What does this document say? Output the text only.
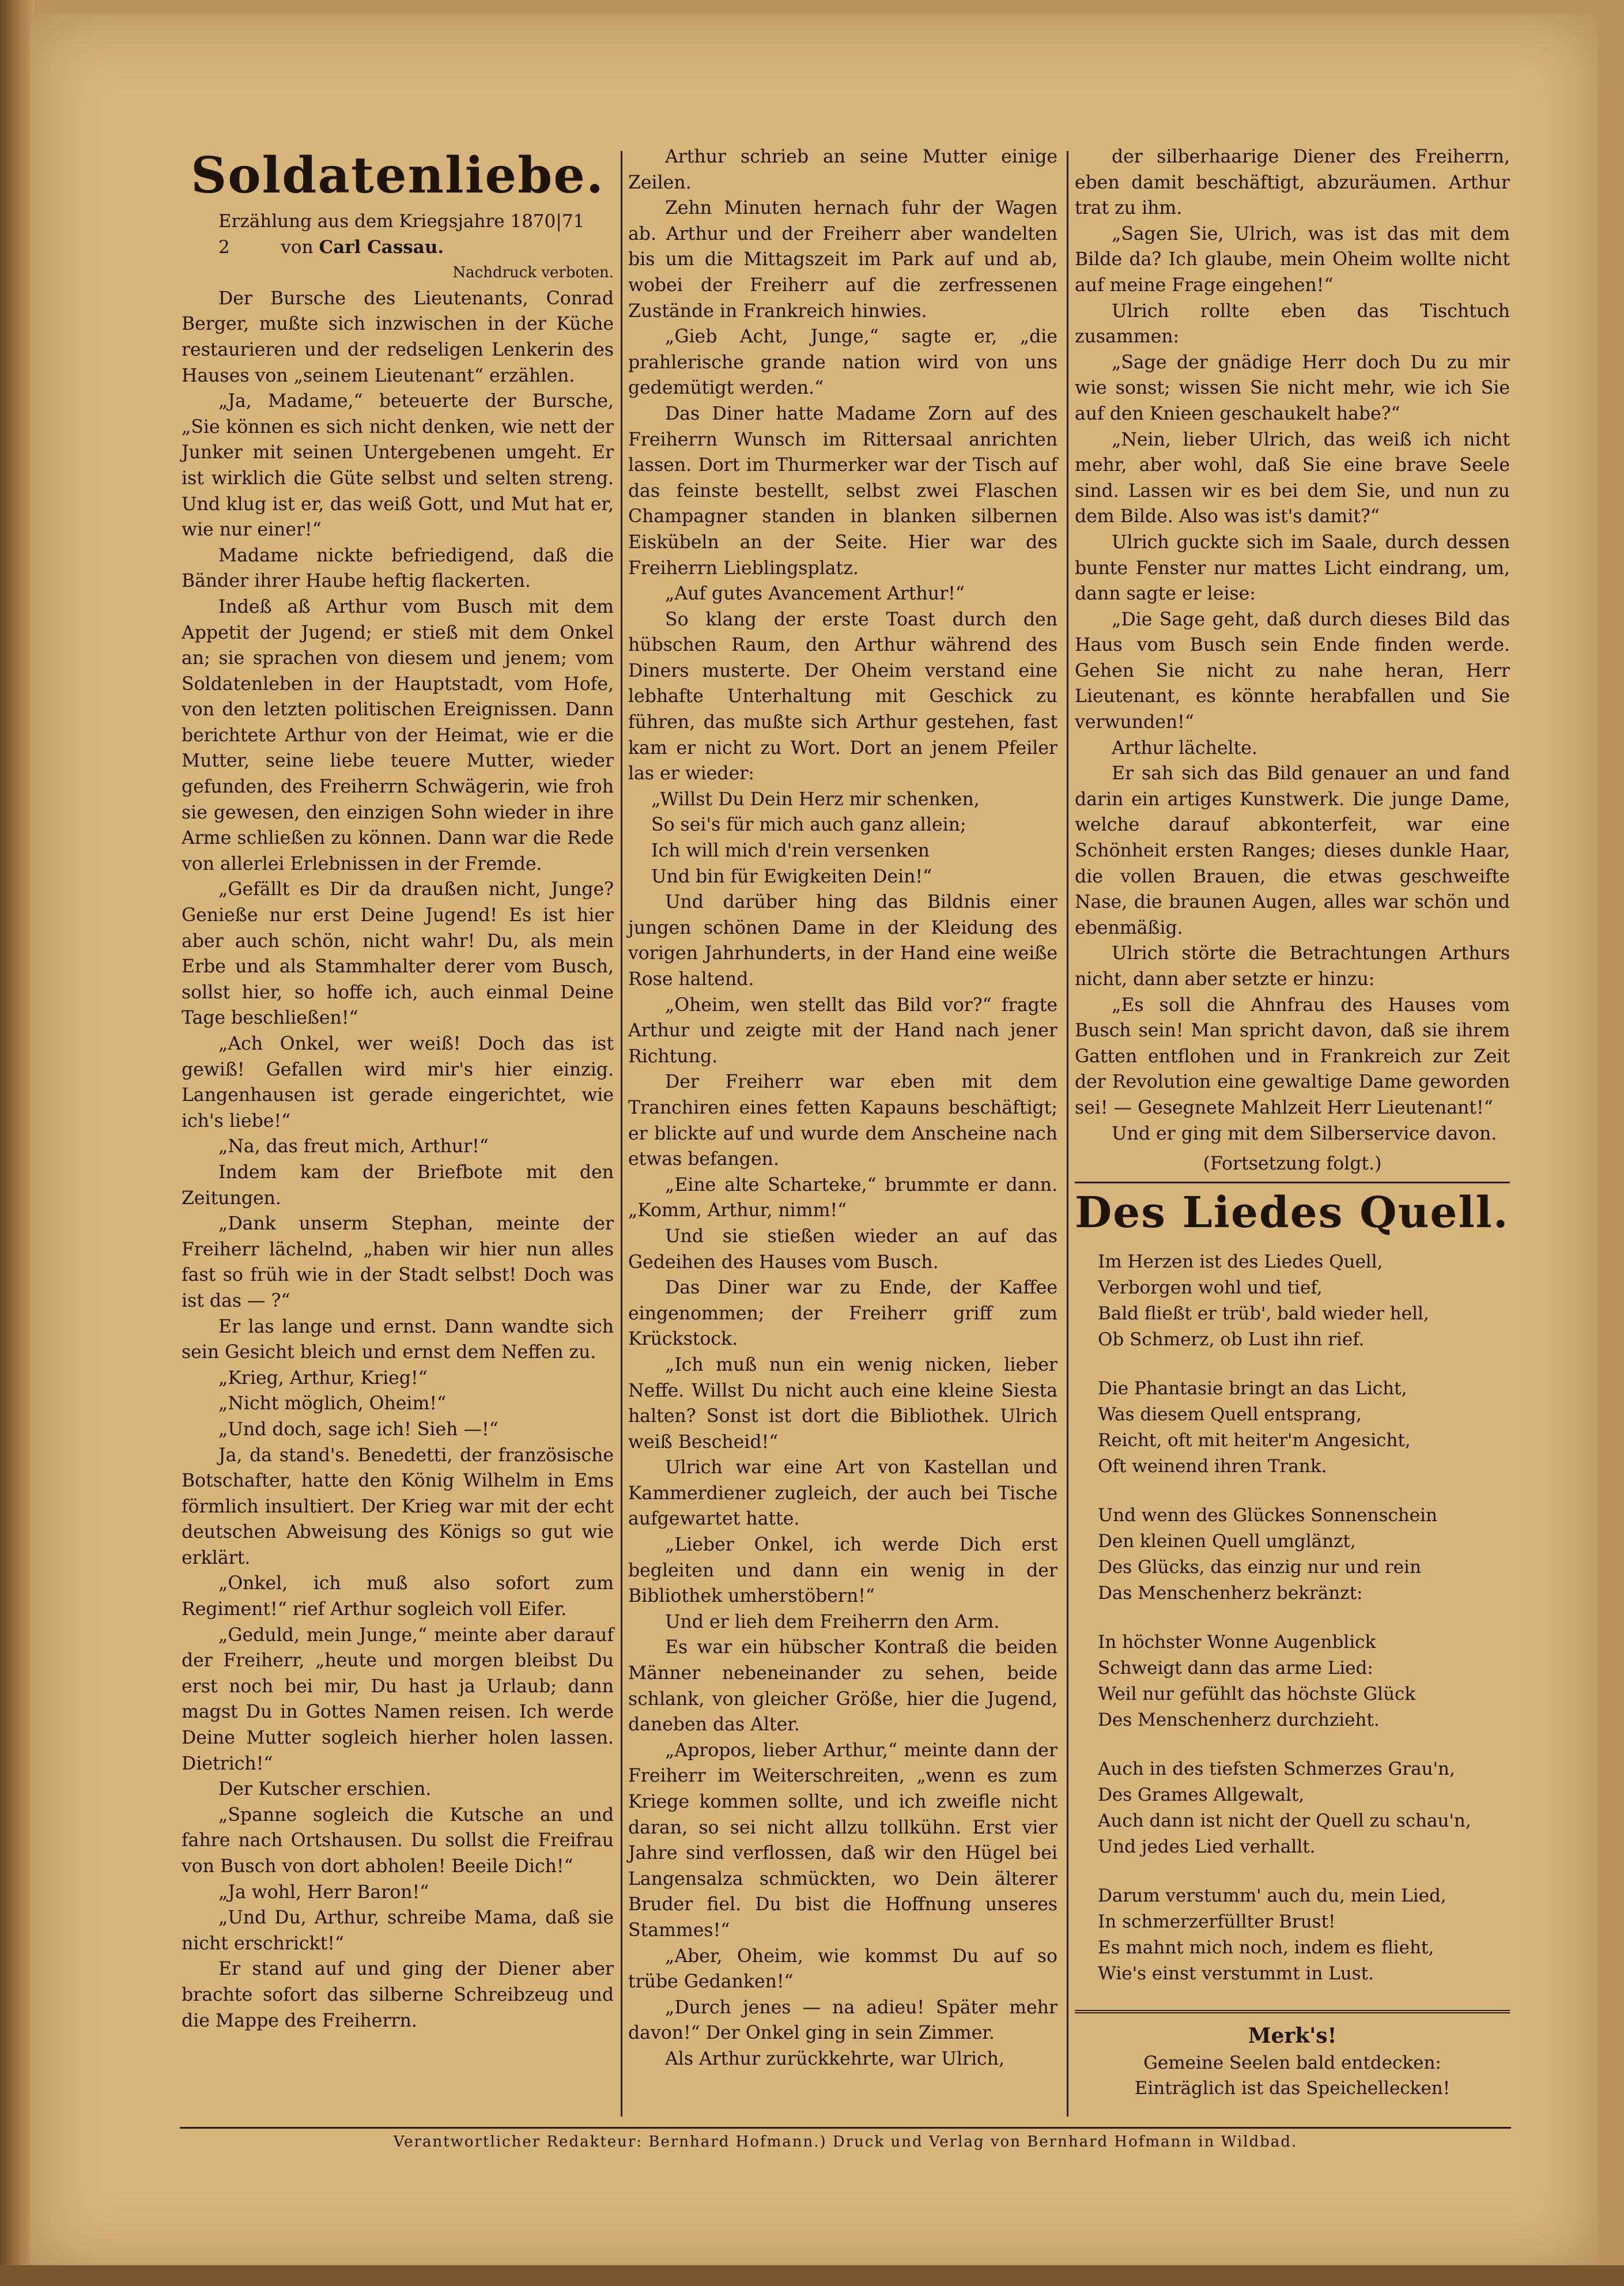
Soldatenliebe.

Erzählung aus dem Kriegsjahre 1870|71

2	von Carl Cassau.

Nachdruck verboten.

Der Bursche des Lieutenants, Conrad Berger, mußte sich inzwischen in der Küche restaurieren und der redseligen Lenkerin des Hauses von „seinem Lieutenant“ erzählen.

„Ja, Madame,“ beteuerte der Bursche, „Sie können es sich nicht denken, wie nett der Junker mit seinen Untergebenen umgeht. Er ist wirklich die Güte selbst und selten streng. Und klug ist er, das weiß Gott, und Mut hat er, wie nur einer!“

Madame nickte befriedigend, daß die Bänder ihrer Haube heftig flackerten.

Indeß aß Arthur vom Busch mit dem Appetit der Jugend; er stieß mit dem Onkel an; sie sprachen von diesem und jenem; vom Soldatenleben in der Hauptstadt, vom Hofe, von den letzten politischen Ereignissen. Dann berichtete Arthur von der Heimat, wie er die Mutter, seine liebe teuere Mutter, wieder gefunden, des Freiherrn Schwägerin, wie froh sie gewesen, den einzigen Sohn wieder in ihre Arme schließen zu können. Dann war die Rede von allerlei Erlebnissen in der Fremde.

„Gefällt es Dir da draußen nicht, Junge? Genieße nur erst Deine Jugend! Es ist hier aber auch schön, nicht wahr! Du, als mein Erbe und als Stammhalter derer vom Busch, sollst hier, so hoffe ich, auch einmal Deine Tage beschließen!“

„Ach Onkel, wer weiß! Doch das ist gewiß! Gefallen wird mir's hier einzig. Langenhausen ist gerade eingerichtet, wie ich's liebe!“

„Na, das freut mich, Arthur!“

Indem kam der Briefbote mit den Zeitungen.

„Dank unserm Stephan, meinte der Freiherr lächelnd, „haben wir hier nun alles fast so früh wie in der Stadt selbst! Doch was ist das — ?“

Er las lange und ernst. Dann wandte sich sein Gesicht bleich und ernst dem Neffen zu.

„Krieg, Arthur, Krieg!“

„Nicht möglich, Oheim!“

„Und doch, sage ich! Sieh —!“

Ja, da stand's. Benedetti, der französische Botschafter, hatte den König Wilhelm in Ems förmlich insultiert. Der Krieg war mit der echt deutschen Abweisung des Königs so gut wie erklärt.

„Onkel, ich muß also sofort zum Regiment!“ rief Arthur sogleich voll Eifer.

„Geduld, mein Junge,“ meinte aber darauf der Freiherr, „heute und morgen bleibst Du erst noch bei mir, Du hast ja Urlaub; dann magst Du in Gottes Namen reisen. Ich werde Deine Mutter sogleich hierher holen lassen. Dietrich!“

Der Kutscher erschien.

„Spanne sogleich die Kutsche an und fahre nach Ortshausen. Du sollst die Freifrau von Busch von dort abholen! Beeile Dich!“

„Ja wohl, Herr Baron!“

„Und Du, Arthur, schreibe Mama, daß sie nicht erschrickt!“

Er stand auf und ging der Diener aber brachte sofort das silberne Schreibzeug und die Mappe des Freiherrn.

Arthur schrieb an seine Mutter einige Zeilen.

Zehn Minuten hernach fuhr der Wagen ab. Arthur und der Freiherr aber wandelten bis um die Mittagszeit im Park auf und ab, wobei der Freiherr auf die zerfressenen Zustände in Frankreich hinwies.

„Gieb Acht, Junge,“ sagte er, „die prahlerische grande nation wird von uns gedemütigt werden.“

Das Diner hatte Madame Zorn auf des Freiherrn Wunsch im Rittersaal anrichten lassen. Dort im Thurmerker war der Tisch auf das feinste bestellt, selbst zwei Flaschen Champagner standen in blanken silbernen Eiskübeln an der Seite. Hier war des Freiherrn Lieblingsplatz.

„Auf gutes Avancement Arthur!“

So klang der erste Toast durch den hübschen Raum, den Arthur während des Diners musterte. Der Oheim verstand eine lebhafte Unterhaltung mit Geschick zu führen, das mußte sich Arthur gestehen, fast kam er nicht zu Wort. Dort an jenem Pfeiler las er wieder:

„Willst Du Dein Herz mir schenken,
So sei's für mich auch ganz allein;
Ich will mich d'rein versenken
Und bin für Ewigkeiten Dein!“

Und darüber hing das Bildnis einer jungen schönen Dame in der Kleidung des vorigen Jahrhunderts, in der Hand eine weiße Rose haltend.

„Oheim, wen stellt das Bild vor?“ fragte Arthur und zeigte mit der Hand nach jener Richtung.

Der Freiherr war eben mit dem Tranchiren eines fetten Kapauns beschäftigt; er blickte auf und wurde dem Anscheine nach etwas befangen.

„Eine alte Scharteke,“ brummte er dann. „Komm, Arthur, nimm!“

Und sie stießen wieder an auf das Gedeihen des Hauses vom Busch.

Das Diner war zu Ende, der Kaffee eingenommen; der Freiherr griff zum Krückstock.

„Ich muß nun ein wenig nicken, lieber Neffe. Willst Du nicht auch eine kleine Siesta halten? Sonst ist dort die Bibliothek. Ulrich weiß Bescheid!“

Ulrich war eine Art von Kastellan und Kammerdiener zugleich, der auch bei Tische aufgewartet hatte.

„Lieber Onkel, ich werde Dich erst begleiten und dann ein wenig in der Bibliothek umherstöbern!“

Und er lieh dem Freiherrn den Arm.

Es war ein hübscher Kontraß die beiden Männer nebeneinander zu sehen, beide schlank, von gleicher Größe, hier die Jugend, daneben das Alter.

„Apropos, lieber Arthur,“ meinte dann der Freiherr im Weiterschreiten, „wenn es zum Kriege kommen sollte, und ich zweifle nicht daran, so sei nicht allzu tollkühn. Erst vier Jahre sind verflossen, daß wir den Hügel bei Langensalza schmückten, wo Dein älterer Bruder fiel. Du bist die Hoffnung unseres Stammes!“

„Aber, Oheim, wie kommst Du auf so trübe Gedanken!“

„Durch jenes — na adieu! Später mehr davon!“ Der Onkel ging in sein Zimmer.

Als Arthur zurückkehrte, war Ulrich,

der silberhaarige Diener des Freiherrn, eben damit beschäftigt, abzuräumen. Arthur trat zu ihm.

„Sagen Sie, Ulrich, was ist das mit dem Bilde da? Ich glaube, mein Oheim wollte nicht auf meine Frage eingehen!“

Ulrich rollte eben das Tischtuch zusammen:

„Sage der gnädige Herr doch Du zu mir wie sonst; wissen Sie nicht mehr, wie ich Sie auf den Knieen geschaukelt habe?“

„Nein, lieber Ulrich, das weiß ich nicht mehr, aber wohl, daß Sie eine brave Seele sind. Lassen wir es bei dem Sie, und nun zu dem Bilde. Also was ist's damit?“

Ulrich guckte sich im Saale, durch dessen bunte Fenster nur mattes Licht eindrang, um, dann sagte er leise:

„Die Sage geht, daß durch dieses Bild das Haus vom Busch sein Ende finden werde. Gehen Sie nicht zu nahe heran, Herr Lieutenant, es könnte herabfallen und Sie verwunden!“

Arthur lächelte.

Er sah sich das Bild genauer an und fand darin ein artiges Kunstwerk. Die junge Dame, welche darauf abkonterfeit, war eine Schönheit ersten Ranges; dieses dunkle Haar, die vollen Brauen, die etwas geschweifte Nase, die braunen Augen, alles war schön und ebenmäßig.

Ulrich störte die Betrachtungen Arthurs nicht, dann aber setzte er hinzu:

„Es soll die Ahnfrau des Hauses vom Busch sein! Man spricht davon, daß sie ihrem Gatten entflohen und in Frankreich zur Zeit der Revolution eine gewaltige Dame geworden sei! — Gesegnete Mahlzeit Herr Lieutenant!“

Und er ging mit dem Silberservice davon.

(Fortsetzung folgt.)

Des Liedes Quell.
Im Herzen ist des Liedes Quell,
Verborgen wohl und tief,
Bald fließt er trüb', bald wieder hell,
Ob Schmerz, ob Lust ihn rief.
Die Phantasie bringt an das Licht,
Was diesem Quell entsprang,
Reicht, oft mit heiter'm Angesicht,
Oft weinend ihren Trank.
Und wenn des Glückes Sonnenschein
Den kleinen Quell umglänzt,
Des Glücks, das einzig nur und rein
Das Menschenherz bekränzt:
In höchster Wonne Augenblick
Schweigt dann das arme Lied:
Weil nur gefühlt das höchste Glück
Des Menschenherz durchzieht.
Auch in des tiefsten Schmerzes Grau'n,
Des Grames Allgewalt,
Auch dann ist nicht der Quell zu schau'n,
Und jedes Lied verhallt.
Darum verstumm' auch du, mein Lied,
In schmerzerfüllter Brust!
Es mahnt mich noch, indem es flieht,
Wie's einst verstummt in Lust.
Merk's!
Gemeine Seelen bald entdecken:
Einträglich ist das Speichellecken!
Verantwortlicher Redakteur: Bernhard Hofmann.) Druck und Verlag von Bernhard Hofmann in Wildbad.
